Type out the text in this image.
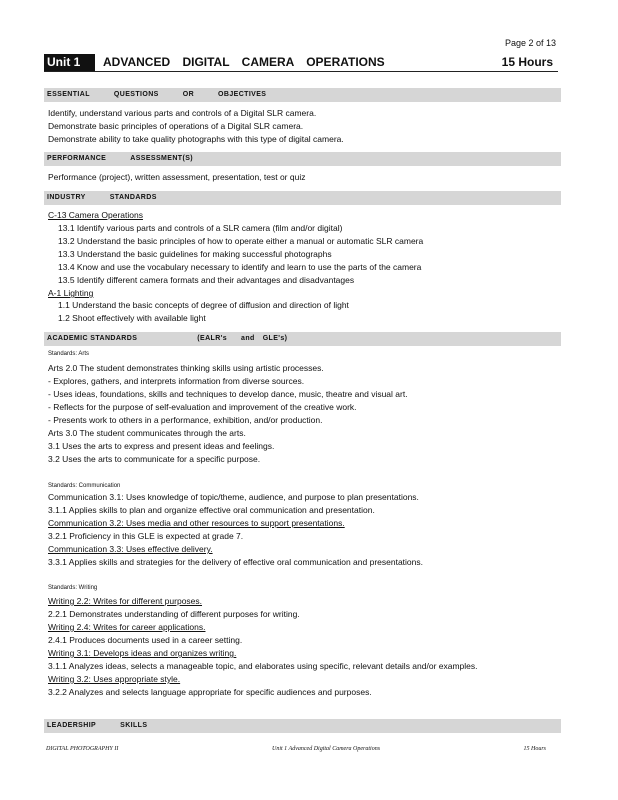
Page 2 of 13
Unit 1	ADVANCED DIGITAL CAMERA OPERATIONS	15 Hours
ESSENTIAL	QUESTIONS	OR	OBJECTIVES
Identify, understand various parts and controls of a Digital SLR camera.
Demonstrate basic principles of operations of a Digital SLR camera.
Demonstrate ability to take quality photographs with this type of digital camera.
PERFORMANCE	ASSESSMENT(S)
Performance (project), written assessment, presentation, test or quiz
INDUSTRY	STANDARDS
C-13 Camera Operations
13.1 Identify various parts and controls of a SLR camera (film and/or digital)
13.2 Understand the basic principles of how to operate either a manual or automatic SLR camera
13.3 Understand the basic guidelines for making successful photographs
13.4 Know and use the vocabulary necessary to identify and learn to use the parts of the camera
13.5 Identify different camera formats and their advantages and disadvantages
A-1 Lighting
1.1 Understand the basic concepts of degree of diffusion and direction of light
1.2 Shoot effectively with available light
ACADEMIC STANDARDS	(EALR's and GLE's)
Standards: Arts
Arts 2.0 The student demonstrates thinking skills using artistic processes.
- Explores, gathers, and interprets information from diverse sources.
- Uses ideas, foundations, skills and techniques to develop dance, music, theatre and visual art.
- Reflects for the purpose of self-evaluation and improvement of the creative work.
- Presents work to others in a performance, exhibition, and/or production.
Arts 3.0 The student communicates through the arts.
3.1 Uses the arts to express and present ideas and feelings.
3.2 Uses the arts to communicate for a specific purpose.
Standards: Communication
Communication 3.1: Uses knowledge of topic/theme, audience, and purpose to plan presentations.
3.1.1 Applies skills to plan and organize effective oral communication and presentation.
Communication 3.2: Uses media and other resources to support presentations.
3.2.1 Proficiency in this GLE is expected at grade 7.
Communication 3.3: Uses effective delivery.
3.3.1 Applies skills and strategies for the delivery of effective oral communication and presentations.
Standards: Writing
Writing 2.2: Writes for different purposes.
2.2.1 Demonstrates understanding of different purposes for writing.
Writing 2.4: Writes for career applications.
2.4.1 Produces documents used in a career setting.
Writing 3.1: Develops ideas and organizes writing.
3.1.1 Analyzes ideas, selects a manageable topic, and elaborates using specific, relevant details and/or examples.
Writing 3.2: Uses appropriate style.
3.2.2 Analyzes and selects language appropriate for specific audiences and purposes.
LEADERSHIP	SKILLS
DIGITAL PHOTOGRAPHY II	Unit 1 Advanced Digital Camera Operations	15 Hours
